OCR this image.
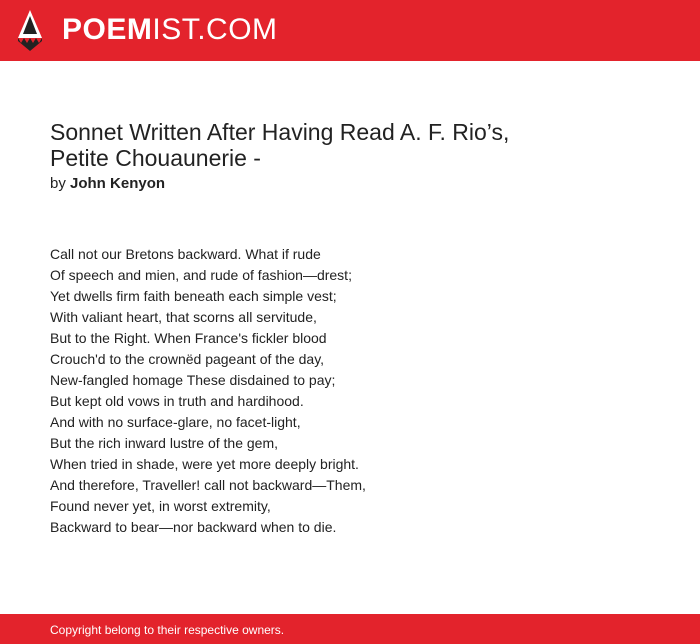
POEMIST.COM
Sonnet Written After Having Read A. F. Rio’s,
Petite Chouaunerie -
by John Kenyon
Call not our Bretons backward. What if rude
Of speech and mien, and rude of fashion—drest;
Yet dwells firm faith beneath each simple vest;
With valiant heart, that scorns all servitude,
But to the Right. When France's fickler blood
Crouch'd to the crownëd pageant of the day,
New-fangled homage These disdained to pay;
But kept old vows in truth and hardihood.
And with no surface-glare, no facet-light,
But the rich inward lustre of the gem,
When tried in shade, were yet more deeply bright.
And therefore, Traveller! call not backward—Them,
Found never yet, in worst extremity,
Backward to bear—nor backward when to die.
Copyright belong to their respective owners.
